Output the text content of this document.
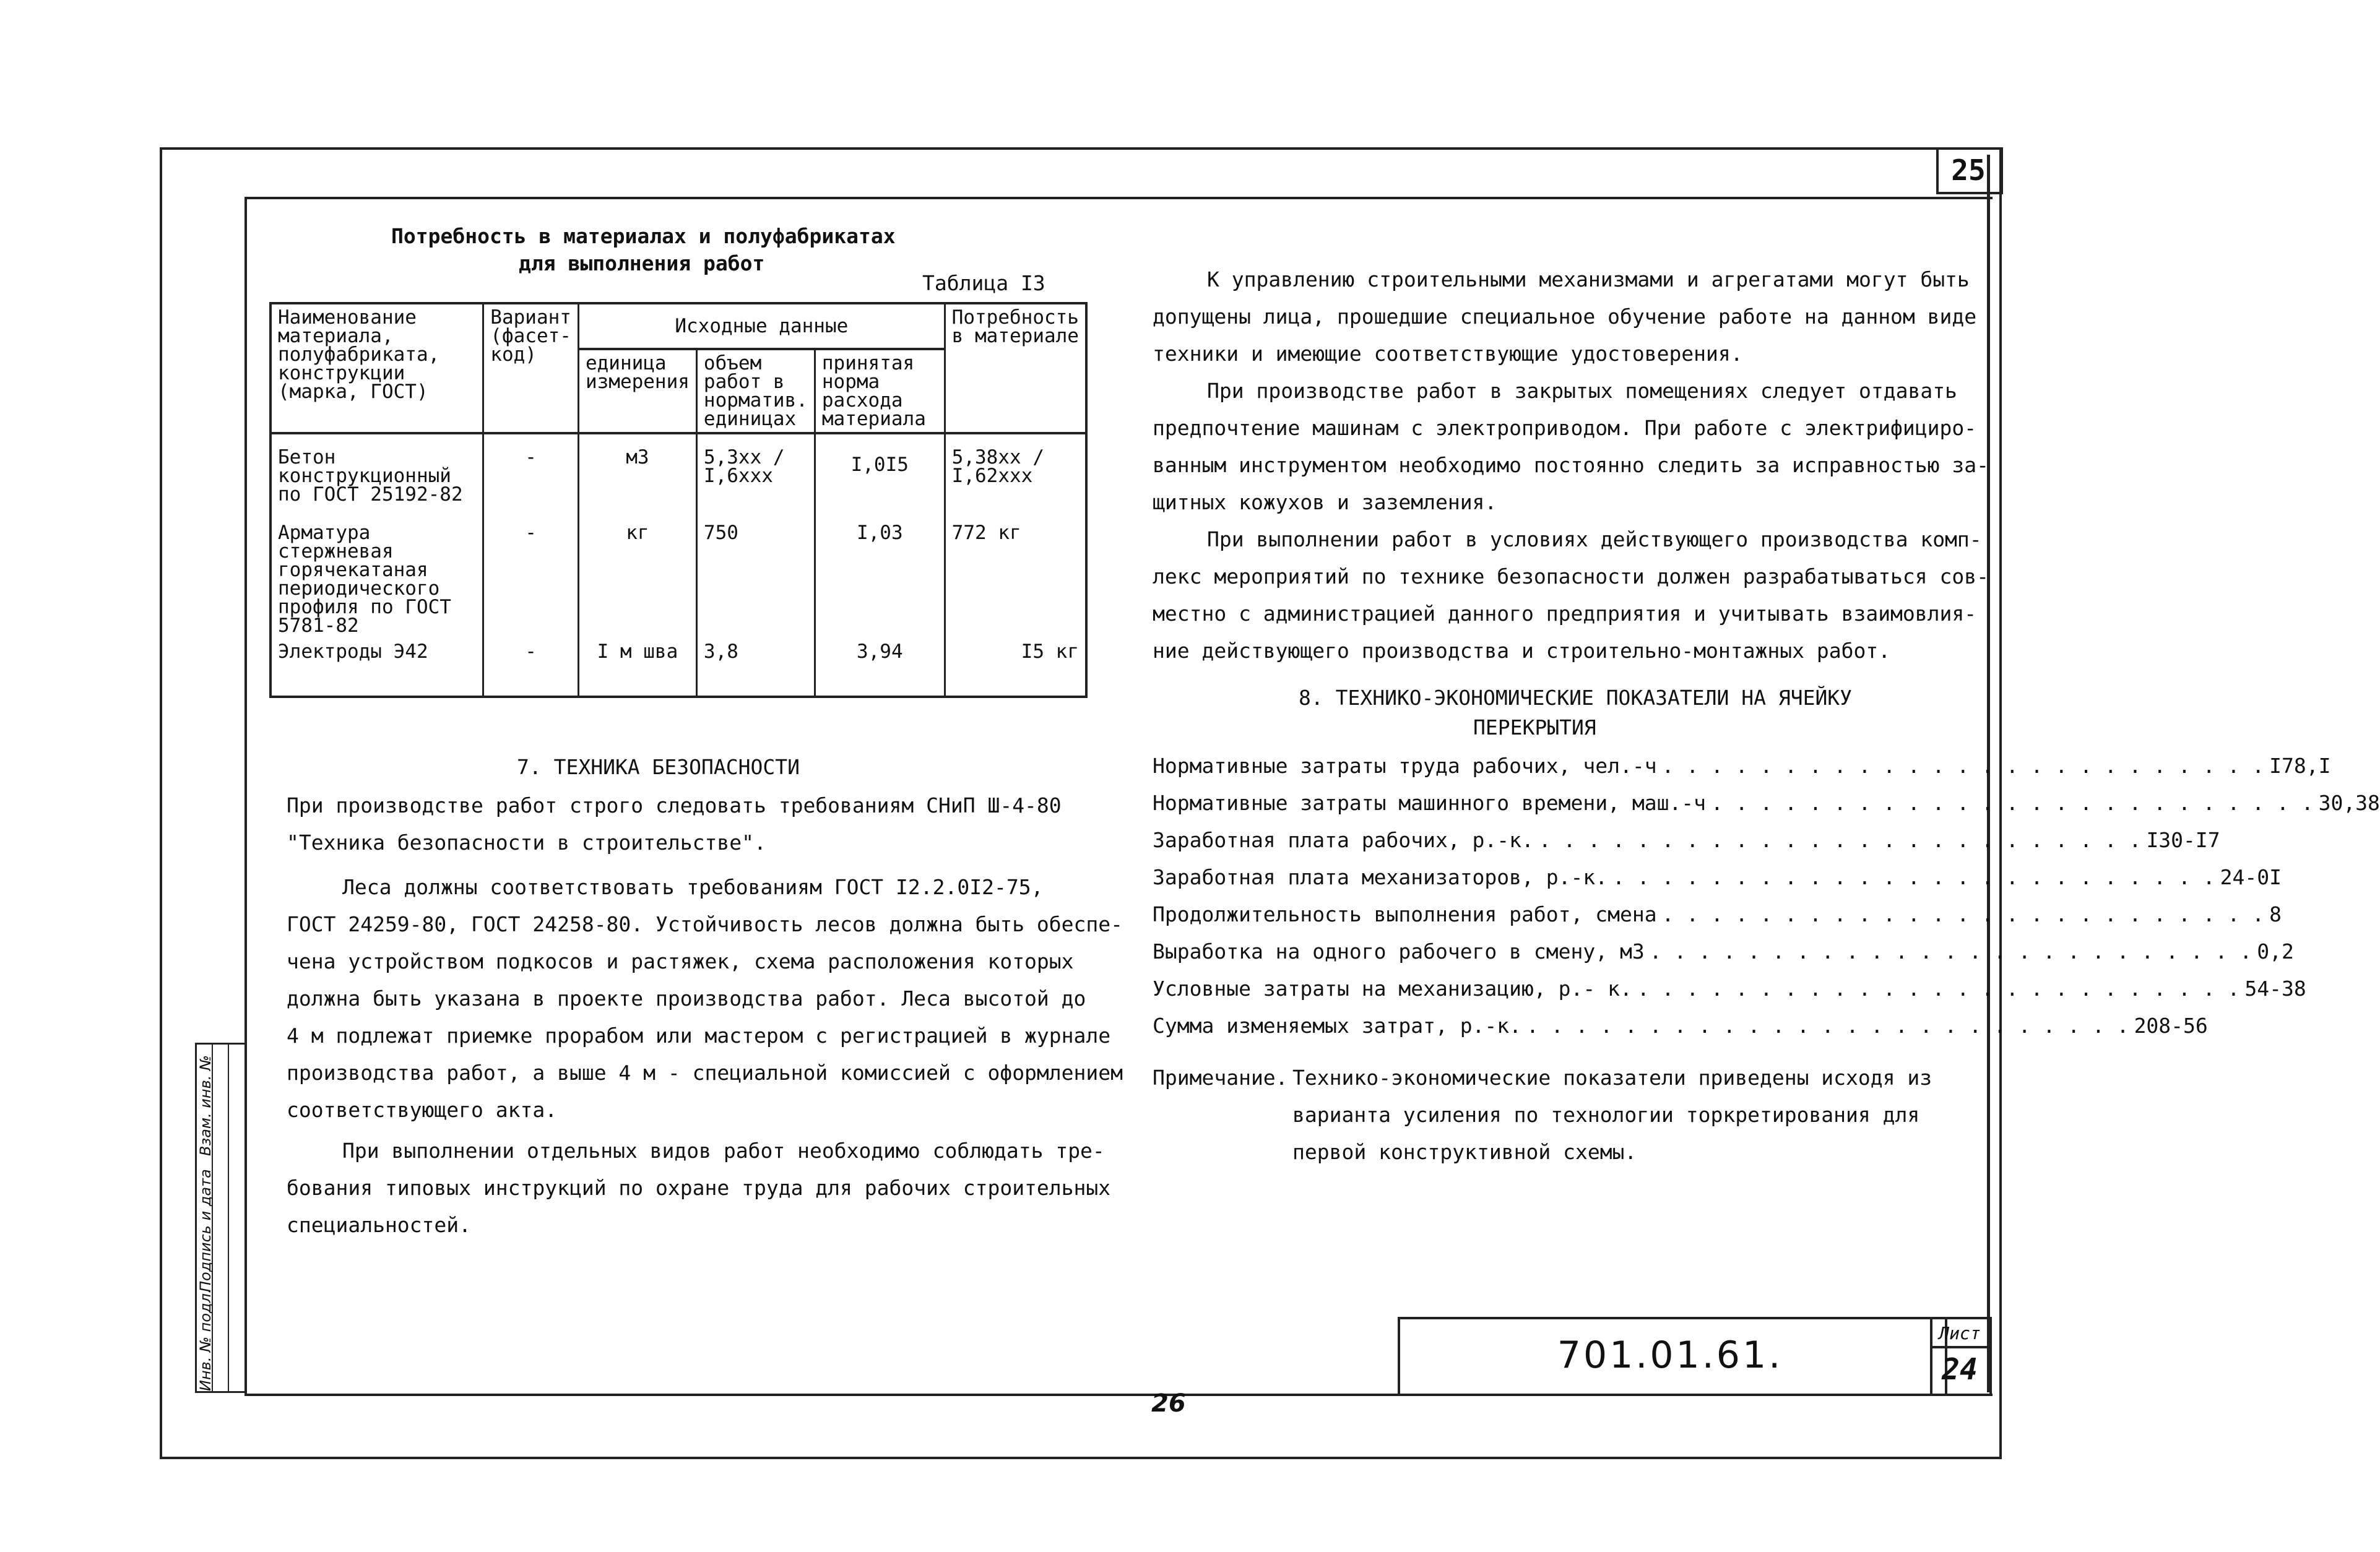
25
Инв. № подл.
Подпись и дата
Взам. инв. №
Потребность в материалах и полуфабрикатах
для выполнения работ
Таблица I3
Наименование материала, полуфабриката, конструкции (марка, ГОСТ)	Вариант (фасет-код)	Исходные данные			Потребность в материале
		единица измерения	объем работ в норматив. единицах	принятая норма расхода материала	
Бетон конструкционный по ГОСТ 25192-82	-	м3	5,3xx / I,6xxx	I,0I5	5,38xx / I,62xxx
Арматура стержневая горячекатаная периодического профиля по ГОСТ 5781-82	-	кг	750	I,03	772 кг
Электроды Э42	-	I м шва	3,8	3,94	I5 кг
7. ТЕХНИКА БЕЗОПАСНОСТИ
При производстве работ строго следовать требованиям СНиП Ш-4-80
"Техника безопасности в строительстве".
Леса должны соответствовать требованиям ГОСТ I2.2.0I2-75,
ГОСТ 24259-80, ГОСТ 24258-80. Устойчивость лесов должна быть обеспе-
чена устройством подкосов и растяжек, схема расположения которых
должна быть указана в проекте производства работ. Леса высотой до
4 м подлежат приемке прорабом или мастером с регистрацией в журнале
производства работ, а выше 4 м - специальной комиссией с оформлением
соответствующего акта.
При выполнении отдельных видов работ необходимо соблюдать тре-
бования типовых инструкций по охране труда для рабочих строительных
специальностей.
К управлению строительными механизмами и агрегатами могут быть
допущены лица, прошедшие специальное обучение работе на данном виде
техники и имеющие соответствующие удостоверения.
При производстве работ в закрытых помещениях следует отдавать
предпочтение машинам с электроприводом. При работе с электрифициро-
ванным инструментом необходимо постоянно следить за исправностью за-
щитных кожухов и заземления.
При выполнении работ в условиях действующего производства комп-
лекс мероприятий по технике безопасности должен разрабатываться сов-
местно с администрацией данного предприятия и учитывать взаимовлия-
ние действующего производства и строительно-монтажных работ.
8. ТЕХНИКО-ЭКОНОМИЧЕСКИЕ ПОКАЗАТЕЛИ НА ЯЧЕЙКУ
ПЕРЕКРЫТИЯ
Нормативные затраты труда рабочих, чел.-ч . . . . . . . . . . . . . . . . . . . . . . . . . I78,I
Нормативные затраты машинного времени, маш.-ч . . . . . . . . . . . . . . . . . . . . . . . . . 30,38
Заработная плата рабочих, р.-к. . . . . . . . . . . . . . . . . . . . . . . . . . I30-I7
Заработная плата механизаторов, р.-к. . . . . . . . . . . . . . . . . . . . . . . . . . 24-0I
Продолжительность выполнения работ, смена . . . . . . . . . . . . . . . . . . . . . . . . . 8
Выработка на одного рабочего в смену, м3 . . . . . . . . . . . . . . . . . . . . . . . . . 0,2
Условные затраты на механизацию, р.- к. . . . . . . . . . . . . . . . . . . . . . . . . . 54-38
Сумма изменяемых затрат, р.-к. . . . . . . . . . . . . . . . . . . . . . . . . . 208-56
Примечание. Технико-экономические показатели приведены исходя из
варианта усиления по технологии торкретирования для
первой конструктивной схемы.
701.01.61.
Лист
24
26
